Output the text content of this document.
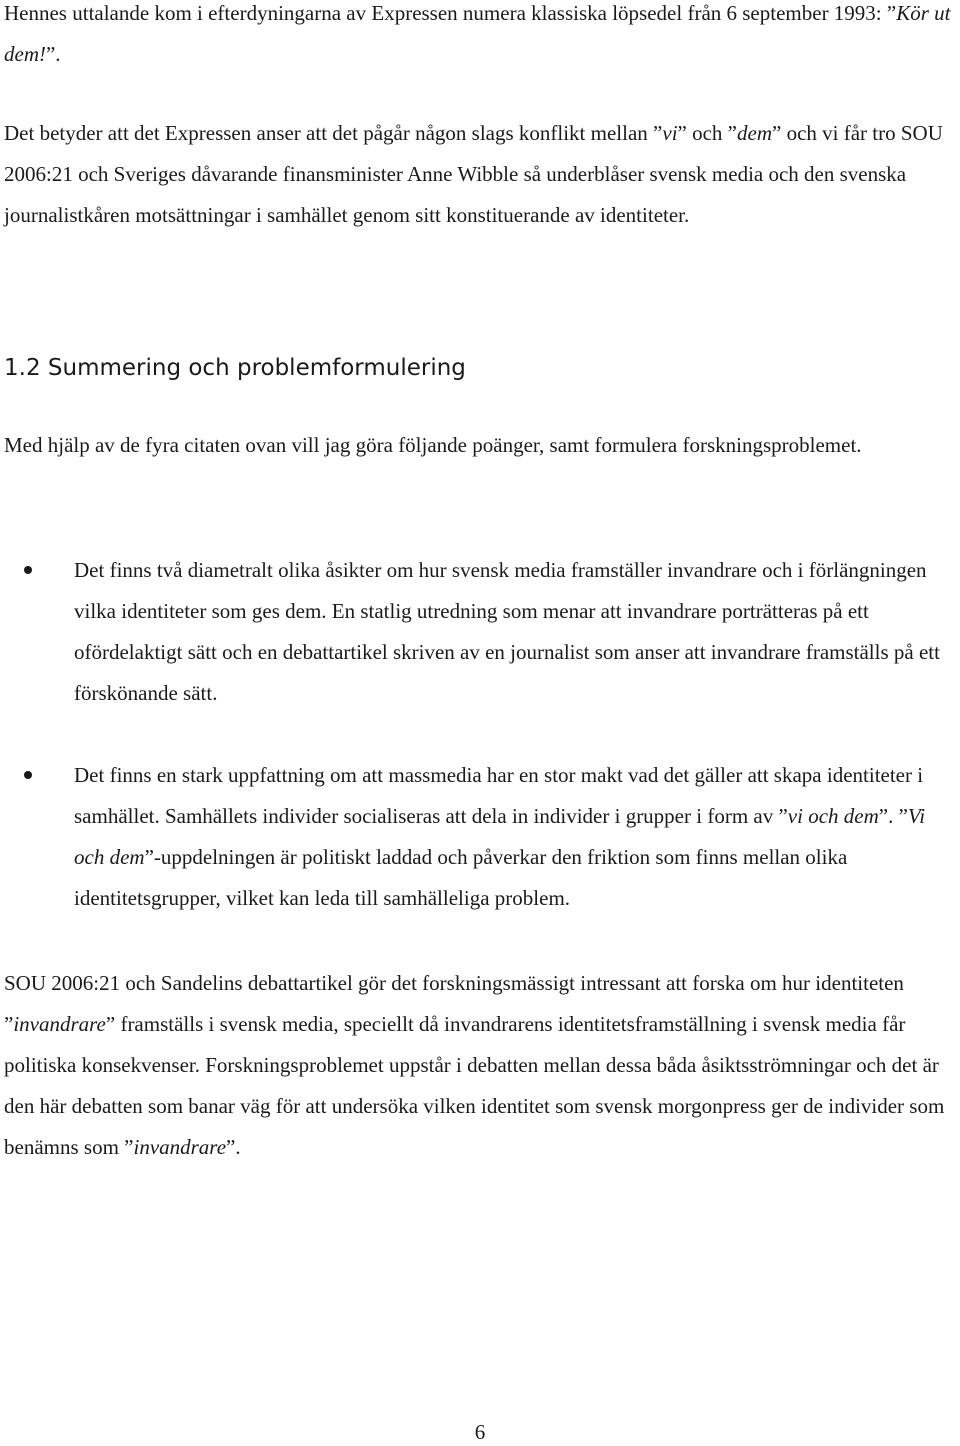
Hennes uttalande kom i efterdyningarna av Expressen numera klassiska löpsedel från 6 september 1993: ”Kör ut dem!”.

Det betyder att det Expressen anser att det pågår någon slags konflikt mellan ”vi” och ”dem” och vi får tro SOU 2006:21 och Sveriges dåvarande finansminister Anne Wibble så underblåser svensk media och den svenska journalistkåren motsättningar i samhället genom sitt konstituerande av identiteter.

1.2 Summering och problemformulering

Med hjälp av de fyra citaten ovan vill jag göra följande poänger, samt formulera forskningsproblemet.

Det finns två diametralt olika åsikter om hur svensk media framställer invandrare och i förlängningen vilka identiteter som ges dem. En statlig utredning som menar att invandrare porträtteras på ett ofördelaktigt sätt och en debattartikel skriven av en journalist som anser att invandrare framställs på ett förskönande sätt.
Det finns en stark uppfattning om att massmedia har en stor makt vad det gäller att skapa identiteter i samhället. Samhällets individer socialiseras att dela in individer i grupper i form av ”vi och dem”. ”Vi och dem”-uppdelningen är politiskt laddad och påverkar den friktion som finns mellan olika identitetsgrupper, vilket kan leda till samhälleliga problem.

SOU 2006:21 och Sandelins debattartikel gör det forskningsmässigt intressant att forska om hur identiteten ”invandrare” framställs i svensk media, speciellt då invandrarens identitetsframställning i svensk media får politiska konsekvenser. Forskningsproblemet uppstår i debatten mellan dessa båda åsiktsströmningar och det är den här debatten som banar väg för att undersöka vilken identitet som svensk morgonpress ger de individer som benämns som ”invandrare”.

6
